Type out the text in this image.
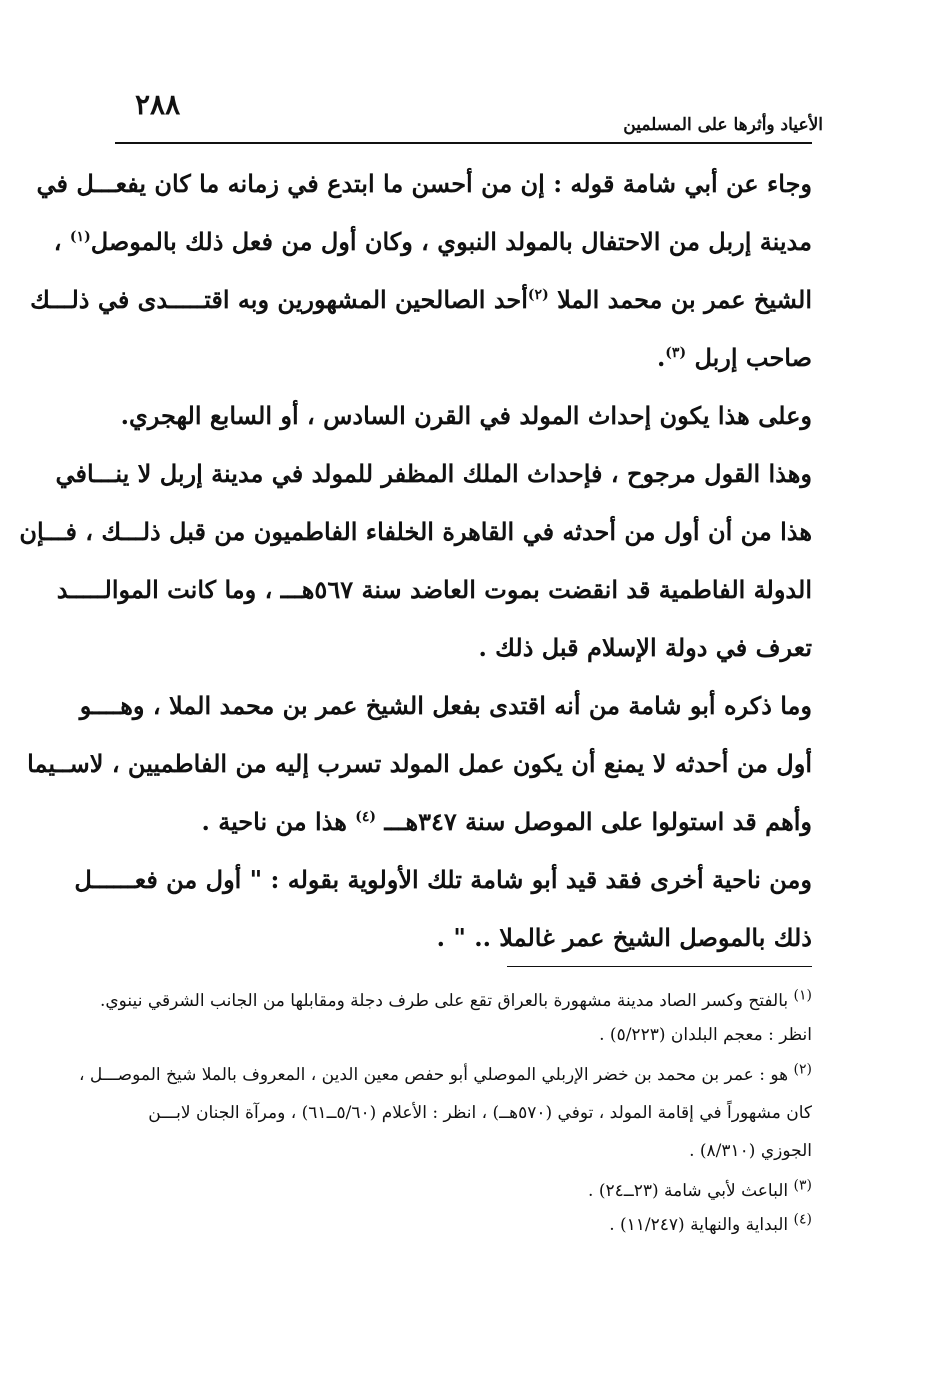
٢٨٨
الأعياد وأثرها على المسلمين
وجاء عن أبي شامة قوله : إن من أحسن ما ابتدع في زمانه ما كان يفعـــل في
مدينة إربل من الاحتفال بالمولد النبوي ، وكان أول من فعل ذلك بالموصل
$^{(١)}$ ،
الشيخ عمر بن محمد الملا $^{(٢)}$
أحد الصالحين المشهورين وبه اقتـــــدى في ذلـــك
صاحب إربل $^{(٣)}$.
وعلى هذا يكون إحداث المولد في القرن السادس ، أو السابع الهجري.
وهذا القول مرجوح ، فإحداث الملك المظفر للمولد في مدينة إربل لا ينـــافي
هذا من أن أول من أحدثه في القاهرة الخلفاء الفاطميون من قبل ذلـــك ، فـــإن
الدولة الفاطمية قد انقضت بموت العاضد سنة ٥٦٧هـــ ، وما كانت الموالـــــد
تعرف في دولة الإسلام قبل ذلك .
وما ذكره أبو شامة من أنه اقتدى بفعل الشيخ عمر بن محمد الملا ، وهــــو
أول من أحدثه لا يمنع أن يكون عمل المولد تسرب إليه من الفاطميين ، لاســيما
وأهم قد استولوا على الموصل سنة ٣٤٧هـــ $^{(٤)}$ هذا من ناحية .
ومن ناحية أخرى فقد قيد أبو شامة تلك الأولوية بقوله : " أول من فعــــــل
ذلك بالموصل الشيخ عمر غالملا .. " .
$^{(١)}$ بالفتح وكسر الصاد مدينة مشهورة بالعراق تقع على طرف دجلة ومقابلها من الجانب الشرقي نينوي.
انظر : معجم البلدان (٥/٢٢٣) .
$^{(٢)}$ هو : عمر بن محمد بن خضر الإربلي الموصلي أبو حفص معين الدين ، المعروف بالملا شيخ الموصـــل ،
كان مشهوراً في إقامة المولد ، توفي (٥٧٠هــ) ، انظر : الأعلام (٥/٦٠ــ٦١) ، ومرآة الجنان لابـــن
الجوزي (٨/٣١٠) .
$^{(٣)}$ الباعث لأبي شامة (٢٣ــ٢٤) .
$^{(٤)}$ البداية والنهاية (١١/٢٤٧) .
